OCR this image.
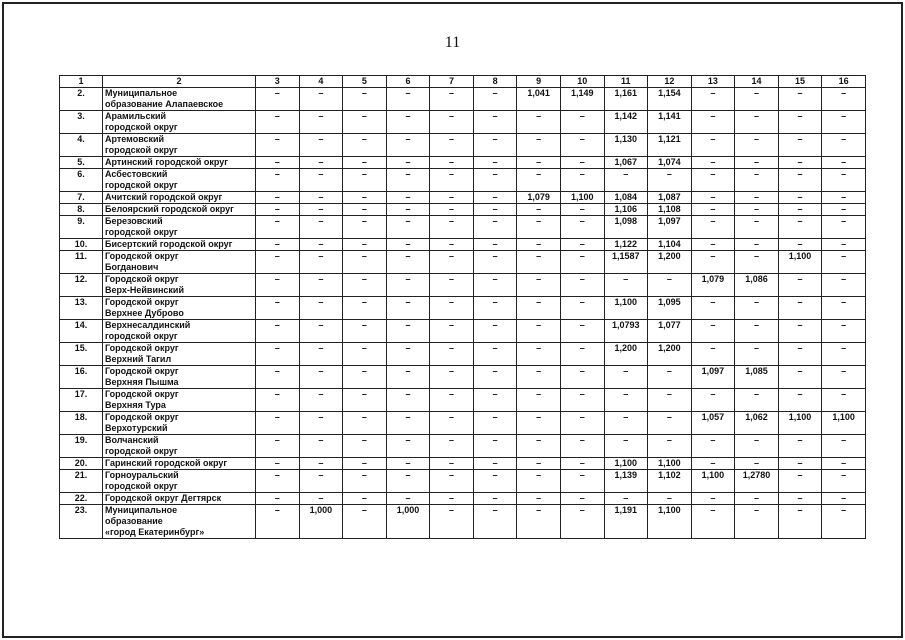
11
1	2	3	4	5	6	7	8	9	10	11	12	13	14	15	16
2.	Муниципальное
образование Алапаевское	–	–	–	–	–	–	1,041	1,149	1,161	1,154	–	–	–	–
3.	Арамильский
городской округ	–	–	–	–	–	–	–	–	1,142	1,141	–	–	–	–
4.	Артемовский
городской округ	–	–	–	–	–	–	–	–	1,130	1,121	–	–	–	–
5.	Артинский городской округ	–	–	–	–	–	–	–	–	1,067	1,074	–	–	–	–
6.	Асбестовский
городской округ	–	–	–	–	–	–	–	–	–	–	–	–	–	–
7.	Ачитский городской округ	–	–	–	–	–	–	1,079	1,100	1,084	1,087	–	–	–	–
8.	Белоярский городской округ	–	–	–	–	–	–	–	–	1,106	1,108	–	–	–	–
9.	Березовский
городской округ	–	–	–	–	–	–	–	–	1,098	1,097	–	–	–	–
10.	Бисертский городской округ	–	–	–	–	–	–	–	–	1,122	1,104	–	–	–	–
11.	Городской округ
Богданович	–	–	–	–	–	–	–	–	1,1587	1,200	–	–	1,100	–
12.	Городской округ
Верх-Нейвинский	–	–	–	–	–	–	–	–	–	–	1,079	1,086	–	–
13.	Городской округ
Верхнее Дуброво	–	–	–	–	–	–	–	–	1,100	1,095	–	–	–	–
14.	Верхнесалдинский
городской округ	–	–	–	–	–	–	–	–	1,0793	1,077	–	–	–	–
15.	Городской округ
Верхний Тагил	–	–	–	–	–	–	–	–	1,200	1,200	–	–	–	–
16.	Городской округ
Верхняя Пышма	–	–	–	–	–	–	–	–	–	–	1,097	1,085	–	–
17.	Городской округ
Верхняя Тура	–	–	–	–	–	–	–	–	–	–	–	–	–	–
18.	Городской округ
Верхотурский	–	–	–	–	–	–	–	–	–	–	1,057	1,062	1,100	1,100
19.	Волчанский
городской округ	–	–	–	–	–	–	–	–	–	–	–	–	–	–
20.	Гаринский городской округ	–	–	–	–	–	–	–	–	1,100	1,100	–	–	–	–
21.	Горноуральский
городской округ	–	–	–	–	–	–	–	–	1,139	1,102	1,100	1,2780	–	–
22.	Городской округ Дегтярск	–	–	–	–	–	–	–	–	–	–	–	–	–	–
23.	Муниципальное
образование
«город Екатеринбург»	–	1,000	–	1,000	–	–	–	–	1,191	1,100	–	–	–	–
